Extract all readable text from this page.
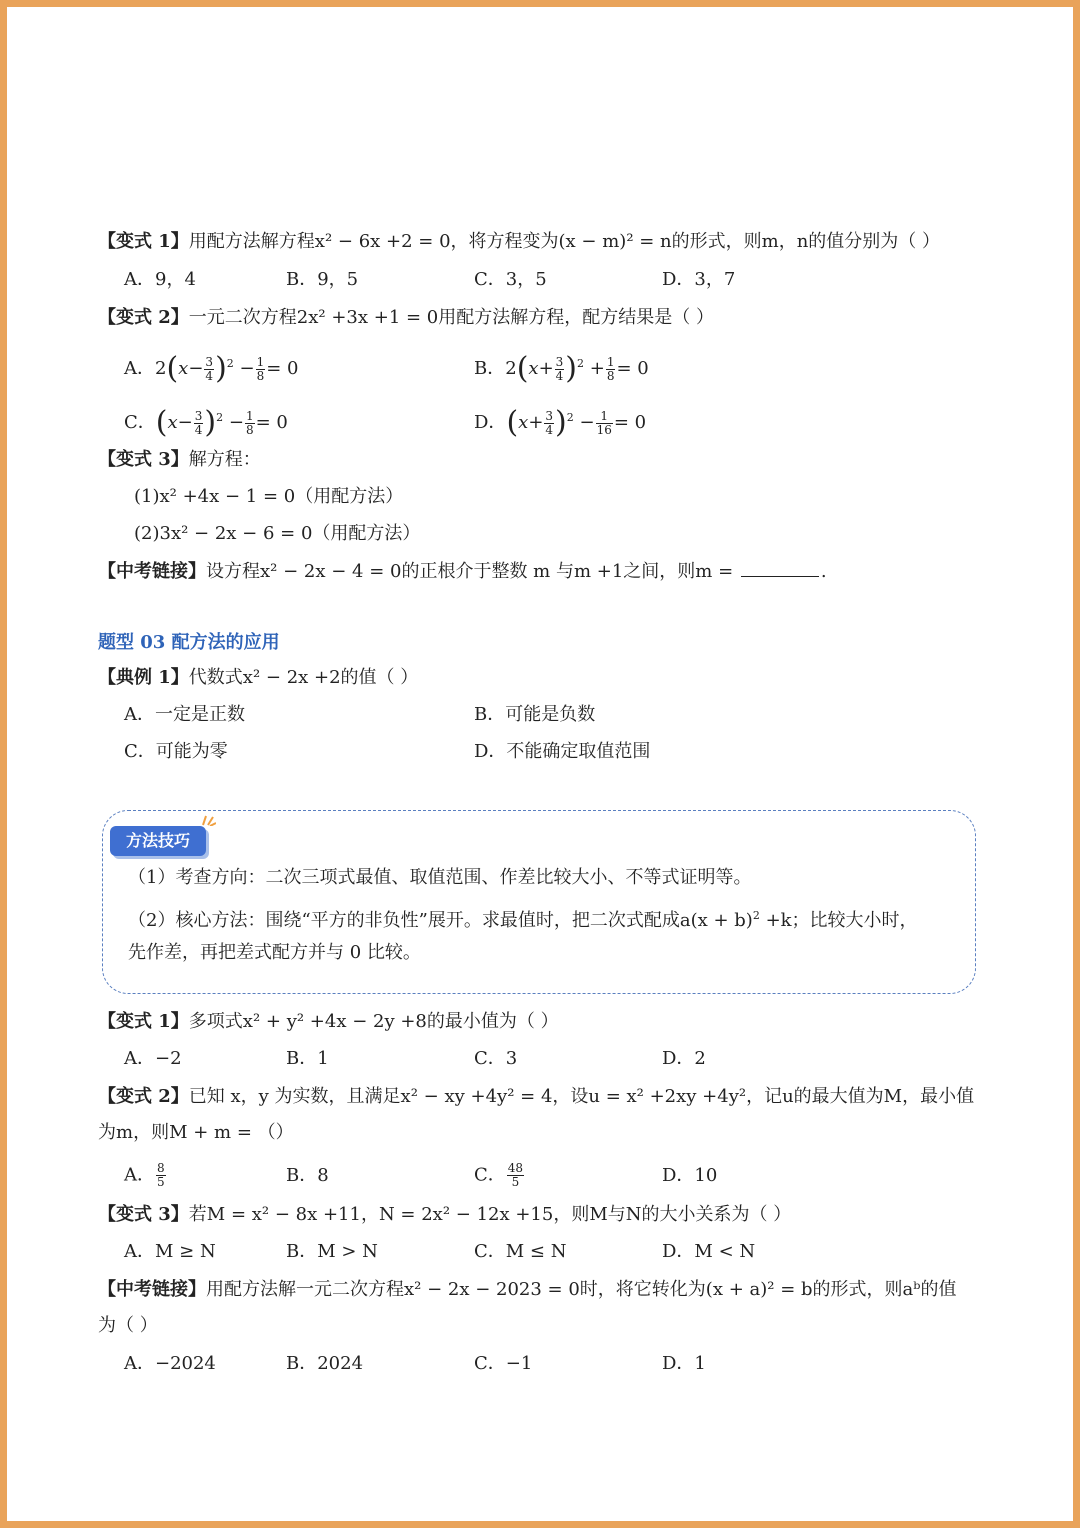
【变式 1】用配方法解方程x² − 6x +2 = 0，将方程变为(x − m)² = n的形式，则m，n的值分别为（ ）
A．9，4	B．9，5	C．3，5	D．3，7
【变式 2】一元二次方程2x² +3x +1 = 0用配方法解方程，配方结果是（ ）
A．$2(x- \frac{3}{4} )^2 - \frac{1}{8} = 0$	B．$2(x+ \frac{3}{4} )^2 + \frac{1}{8} = 0$
C．$(x- \frac{3}{4} )^2 - \frac{1}{8} = 0$	D．$(x+ \frac{3}{4} )^2 - \frac{1}{16} = 0$
【变式 3】解方程：
(1)x² +4x − 1 = 0（用配方法）
(2)3x² − 2x − 6 = 0（用配方法）
【中考链接】设方程x² − 2x − 4 = 0的正根介于整数 m 与m +1之间，则m =	.
题型 03 配方法的应用
【典例 1】代数式x² − 2x +2的值（ ）
A．一定是正数	B．可能是负数
C．可能为零	D．不能确定取值范围
方法技巧
（1）考查方向：二次三项式最值、取值范围、作差比较大小、不等式证明等。
（2）核心方法：围绕“平方的非负性”展开。求最值时，把二次式配成$a(x + b)^2 +k$；比较大小时，
先作差，再把差式配方并与 0 比较。
【变式 1】多项式x² + y² +4x − 2y +8的最小值为（ ）
A．−2	B．1	C．3	D．2
【变式 2】已知 x，y 为实数，且满足x² − xy +4y² = 4，设u = x² +2xy +4y²，记u的最大值为M，最小值
为m，则M + m = （）
A． $\frac{8}{5}$	B．8	C． $\frac{48}{5}$	D．10
【变式 3】若M = x² − 8x +11，N = 2x² − 12x +15，则M与N的大小关系为（ ）
A．M ≥ N	B．M > N	C．M ≤ N	D．M < N
【中考链接】用配方法解一元二次方程x² − 2x − 2023 = 0时，将它转化为(x + a)² = b的形式，则aᵇ的值
为（ ）
A．−2024	B．2024	C．−1	D．1
